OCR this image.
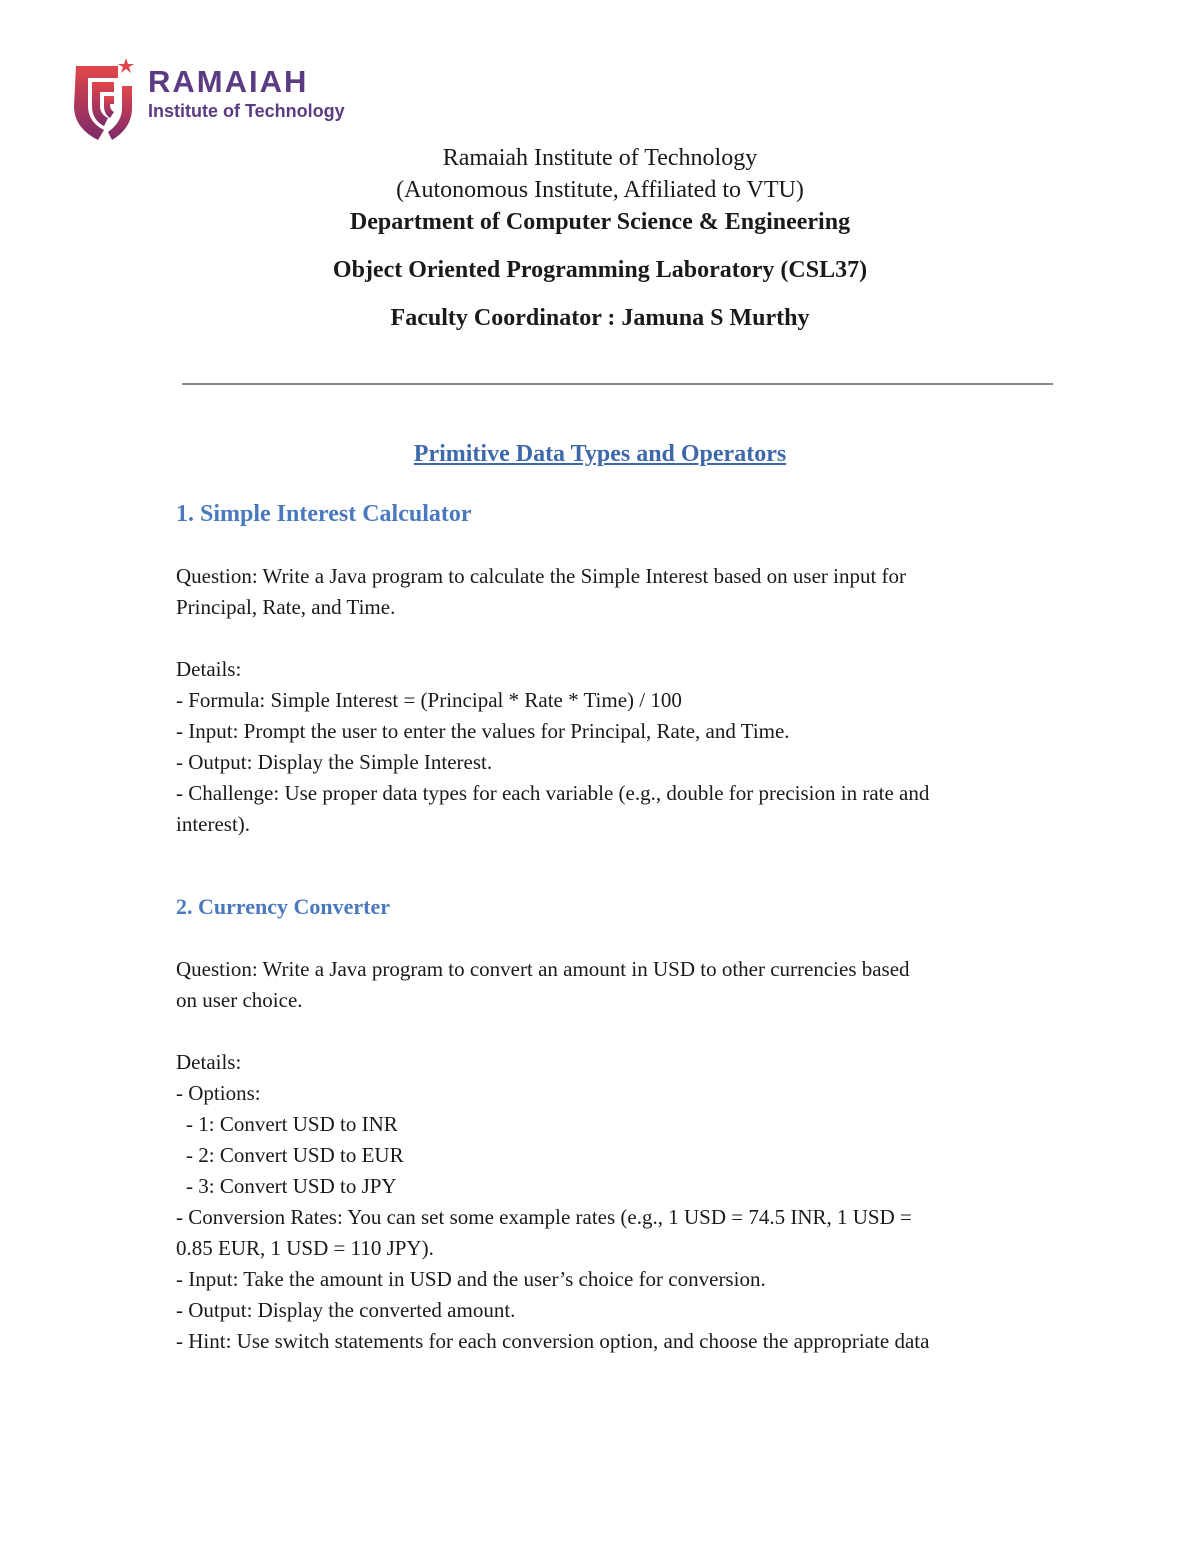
RAMAIAH
Institute of Technology
Ramaiah Institute of Technology
(Autonomous Institute, Affiliated to VTU)
Department of Computer Science & Engineering
Object Oriented Programming Laboratory (CSL37)
Faculty Coordinator : Jamuna S Murthy
Primitive Data Types and Operators
1. Simple Interest Calculator

Question: Write a Java program to calculate the Simple Interest based on user input for

Principal, Rate, and Time.

Details:

- Formula: Simple Interest = (Principal * Rate * Time) / 100

- Input: Prompt the user to enter the values for Principal, Rate, and Time.

- Output: Display the Simple Interest.

- Challenge: Use proper data types for each variable (e.g., double for precision in rate and

interest).

2. Currency Converter

Question: Write a Java program to convert an amount in USD to other currencies based

on user choice.

Details:

- Options:

- 1: Convert USD to INR

- 2: Convert USD to EUR

- 3: Convert USD to JPY

- Conversion Rates: You can set some example rates (e.g., 1 USD = 74.5 INR, 1 USD =

0.85 EUR, 1 USD = 110 JPY).

- Input: Take the amount in USD and the user’s choice for conversion.

- Output: Display the converted amount.

- Hint: Use switch statements for each conversion option, and choose the appropriate data
